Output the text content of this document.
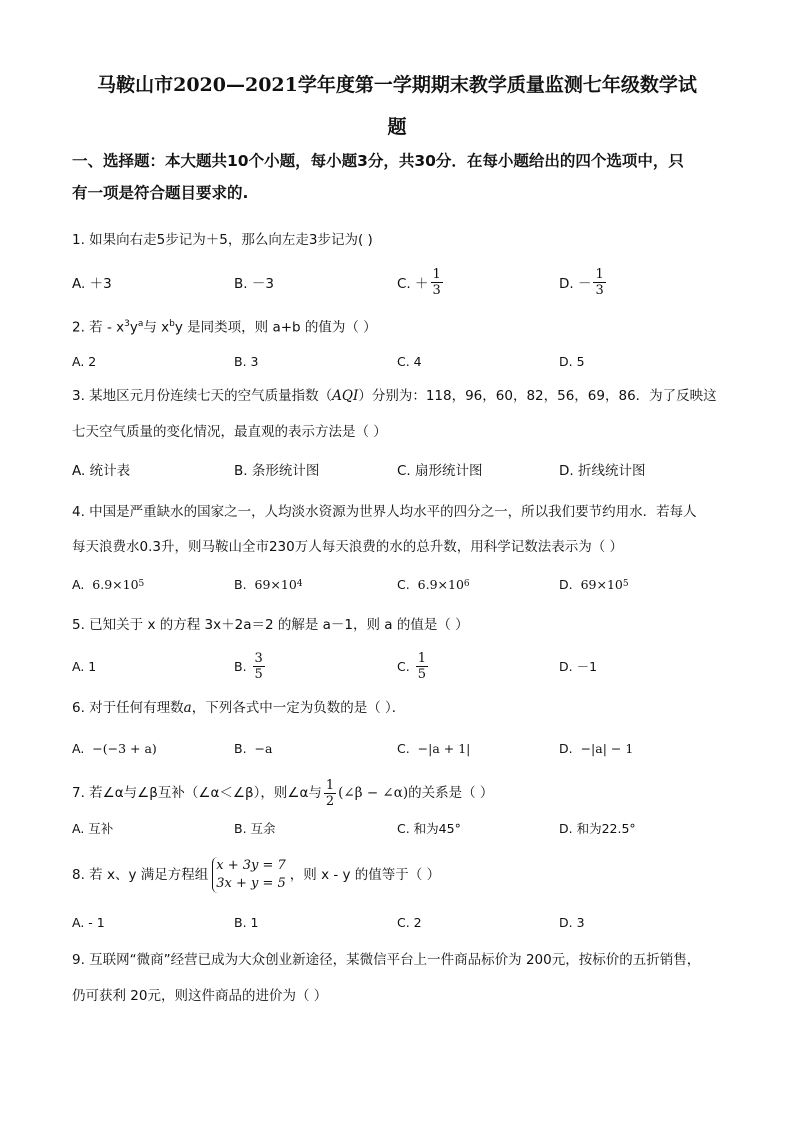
马鞍山市2020—2021学年度第一学期期末教学质量监测七年级数学试
题
一、选择题：本大题共10个小题，每小题3分，共30分．在每小题给出的四个选项中，只
有一项是符合题目要求的.
1. 如果向右走5步记为＋5，那么向左走3步记为( )
A. ＋3	B. －3	C. ＋ $\frac{1}{3}$	D. － $\frac{1}{3}$
2. 若 - $x^3y^a$与 $x^by$ 是同类项，则 a+b 的值为（ ）
A. 2	B. 3	C. 4	D. 5
3. 某地区元月份连续七天的空气质量指数（AQI）分别为：118，96，60，82，56，69，86．为了反映这
七天空气质量的变化情况，最直观的表示方法是（ ）
A. 统计表	B. 条形统计图	C. 扇形统计图	D. 折线统计图
4. 中国是严重缺水的国家之一，人均淡水资源为世界人均水平的四分之一，所以我们要节约用水．若每人
每天浪费水0.3升，则马鞍山全市230万人每天浪费的水的总升数，用科学记数法表示为（ ）
A.
6.9×10 5	B.
69×10 4	C.
6.9×10 6	D.
69×10 5
5. 已知关于 x 的方程 3x＋2a＝2 的解是 a－1，则 a 的值是（ ）
A. 1	B.
$\frac{3}{5}$	C.
$\frac{1}{5}$	D. －1
6. 对于任何有理数a，下列各式中一定为负数的是（ ）．
A.
−(−3 + a)	B.
−a	C.
−|a + 1|	D.
−|a| − 1
7. 若∠α与∠β互补（∠α＜∠β），则∠α与 $\frac{1}{2}$ (∠β − ∠α) 的关系是（ ）
A. 互补	B. 互余	C. 和为45°	D. 和为22.5°
8. 若 x、y 满足方程组
x + 3y = 7
3x + y = 5
，则 x - y 的值等于（ ）
A. - 1	B. 1	C. 2	D. 3
9. 互联网“微商”经营已成为大众创业新途径，某微信平台上一件商品标价为 200元，按标价的五折销售，
仍可获利 20元，则这件商品的进价为（ ）
